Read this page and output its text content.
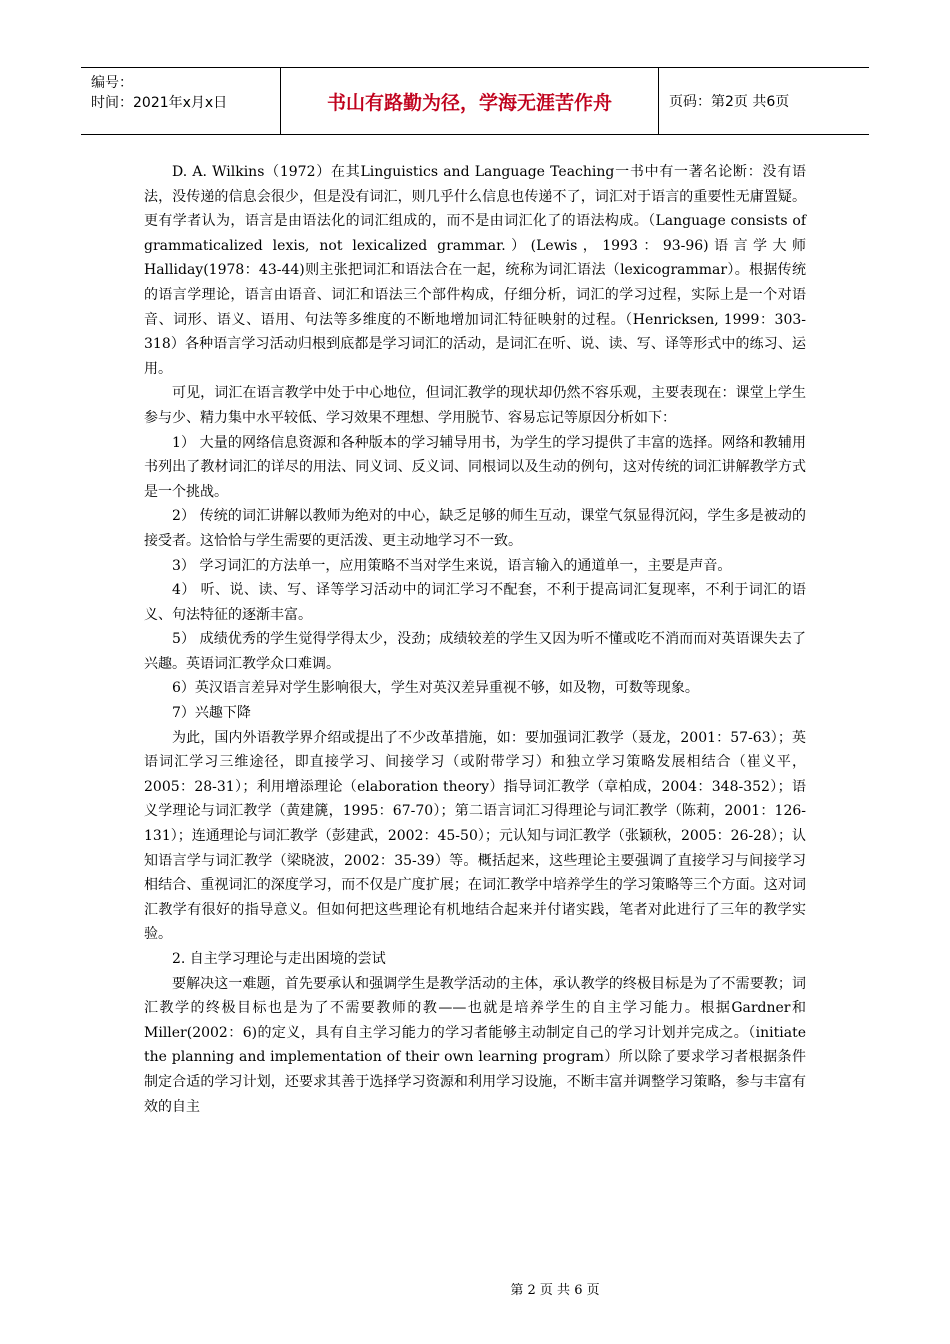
编号：
时间：2021年x月x日	书山有路勤为径，学海无涯苦作舟	页码：第2页 共6页

D. A. Wilkins（1972）在其Linguistics and Language Teaching一书中有一著名论断：没有语法，没传递的信息会很少，但是没有词汇，则几乎什么信息也传递不了，词汇对于语言的重要性无庸置疑。更有学者认为，语言是由语法化的词汇组成的，而不是由词汇化了的语法构成。（Language consists of grammaticalized lexis, not lexicalized grammar.）(Lewis，1993：93-96)语言学大师Halliday(1978：43-44)则主张把词汇和语法合在一起，统称为词汇语法（lexicogrammar）。根据传统的语言学理论，语言由语音、词汇和语法三个部件构成，仔细分析，词汇的学习过程，实际上是一个对语音、词形、语义、语用、句法等多维度的不断地增加词汇特征映射的过程。（Henricksen, 1999：303-318）各种语言学习活动归根到底都是学习词汇的活动，是词汇在听、说、读、写、译等形式中的练习、运用。

可见，词汇在语言教学中处于中心地位，但词汇教学的现状却仍然不容乐观，主要表现在：课堂上学生参与少、精力集中水平较低、学习效果不理想、学用脱节、容易忘记等原因分析如下：

1） 大量的网络信息资源和各种版本的学习辅导用书，为学生的学习提供了丰富的选择。网络和教辅用书列出了教材词汇的详尽的用法、同义词、反义词、同根词以及生动的例句，这对传统的词汇讲解教学方式是一个挑战。

2） 传统的词汇讲解以教师为绝对的中心，缺乏足够的师生互动，课堂气氛显得沉闷，学生多是被动的接受者。这恰恰与学生需要的更活泼、更主动地学习不一致。

3） 学习词汇的方法单一，应用策略不当对学生来说，语言输入的通道单一，主要是声音。

4） 听、说、读、写、译等学习活动中的词汇学习不配套，不利于提高词汇复现率，不利于词汇的语义、句法特征的逐渐丰富。

5） 成绩优秀的学生觉得学得太少，没劲；成绩较差的学生又因为听不懂或吃不消而而对英语课失去了兴趣。英语词汇教学众口难调。

6）英汉语言差异对学生影响很大，学生对英汉差异重视不够，如及物，可数等现象。

7）兴趣下降

为此，国内外语教学界介绍或提出了不少改革措施，如：要加强词汇教学（聂龙，2001：57-63）；英语词汇学习三维途径，即直接学习、间接学习（或附带学习）和独立学习策略发展相结合（崔义平，2005：28-31）；利用增添理论（elaboration theory）指导词汇教学（章柏成，2004：348-352）；语义学理论与词汇教学（黄建篪，1995：67-70）；第二语言词汇习得理论与词汇教学（陈莉，2001：126-131）；连通理论与词汇教学（彭建武，2002：45-50）；元认知与词汇教学（张颖秋，2005：26-28）；认知语言学与词汇教学（梁晓波，2002：35-39）等。概括起来，这些理论主要强调了直接学习与间接学习相结合、重视词汇的深度学习，而不仅是广度扩展；在词汇教学中培养学生的学习策略等三个方面。这对词汇教学有很好的指导意义。但如何把这些理论有机地结合起来并付诸实践，笔者对此进行了三年的教学实验。

2. 自主学习理论与走出困境的尝试

要解决这一难题，首先要承认和强调学生是教学活动的主体，承认教学的终极目标是为了不需要教；词汇教学的终极目标也是为了不需要教师的教——也就是培养学生的自主学习能力。根据Gardner和Miller(2002：6)的定义，具有自主学习能力的学习者能够主动制定自己的学习计划并完成之。（initiate the planning and implementation of their own learning program）所以除了要求学习者根据条件制定合适的学习计划，还要求其善于选择学习资源和利用学习设施，不断丰富并调整学习策略，参与丰富有效的自主

第 2 页 共 6 页
